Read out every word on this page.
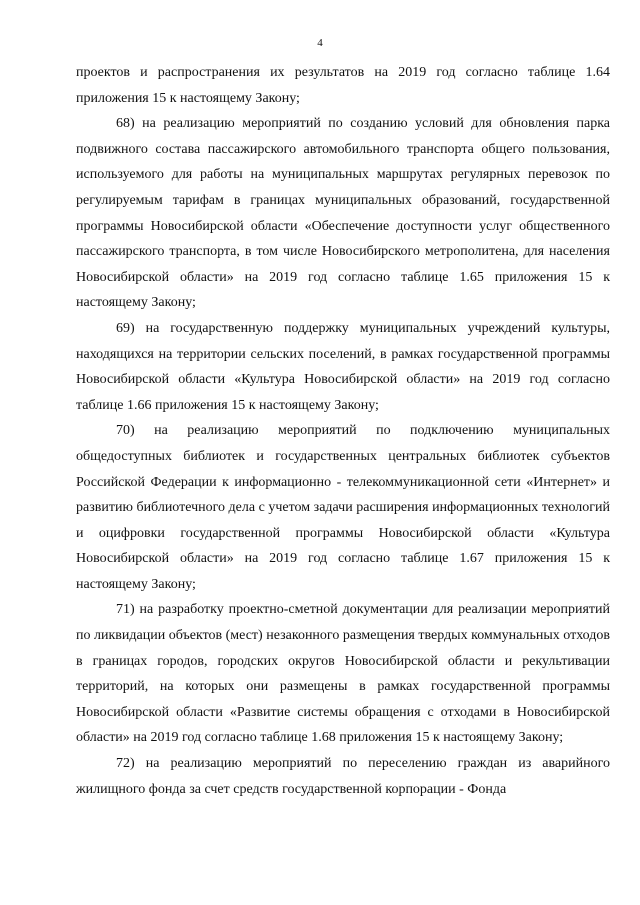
4

проектов и распространения их результатов на 2019 год согласно таблице 1.64 приложения 15 к настоящему Закону;

68) на реализацию мероприятий по созданию условий для обновления парка подвижного состава пассажирского автомобильного транспорта общего пользования, используемого для работы на муниципальных маршрутах регулярных перевозок по регулируемым тарифам в границах муниципальных образований, государственной программы Новосибирской области «Обеспечение доступности услуг общественного пассажирского транспорта, в том числе Новосибирского метрополитена, для населения Новосибирской области» на 2019 год согласно таблице 1.65 приложения 15 к настоящему Закону;

69) на государственную поддержку муниципальных учреждений культуры, находящихся на территории сельских поселений, в рамках государственной программы Новосибирской области «Культура Новосибирской области» на 2019 год согласно таблице 1.66 приложения 15 к настоящему Закону;

70) на реализацию мероприятий по подключению муниципальных общедоступных библиотек и государственных центральных библиотек субъектов Российской Федерации к информационно - телекоммуникационной сети «Интернет» и развитию библиотечного дела с учетом задачи расширения информационных технологий и оцифровки государственной программы Новосибирской области «Культура Новосибирской области» на 2019 год согласно таблице 1.67 приложения 15 к настоящему Закону;

71) на разработку проектно-сметной документации для реализации мероприятий по ликвидации объектов (мест) незаконного размещения твердых коммунальных отходов в границах городов, городских округов Новосибирской области и рекультивации территорий, на которых они размещены в рамках государственной программы Новосибирской области «Развитие системы обращения с отходами в Новосибирской области» на 2019 год согласно таблице 1.68 приложения 15 к настоящему Закону;

72) на реализацию мероприятий по переселению граждан из аварийного жилищного фонда за счет средств государственной корпорации - Фонда
